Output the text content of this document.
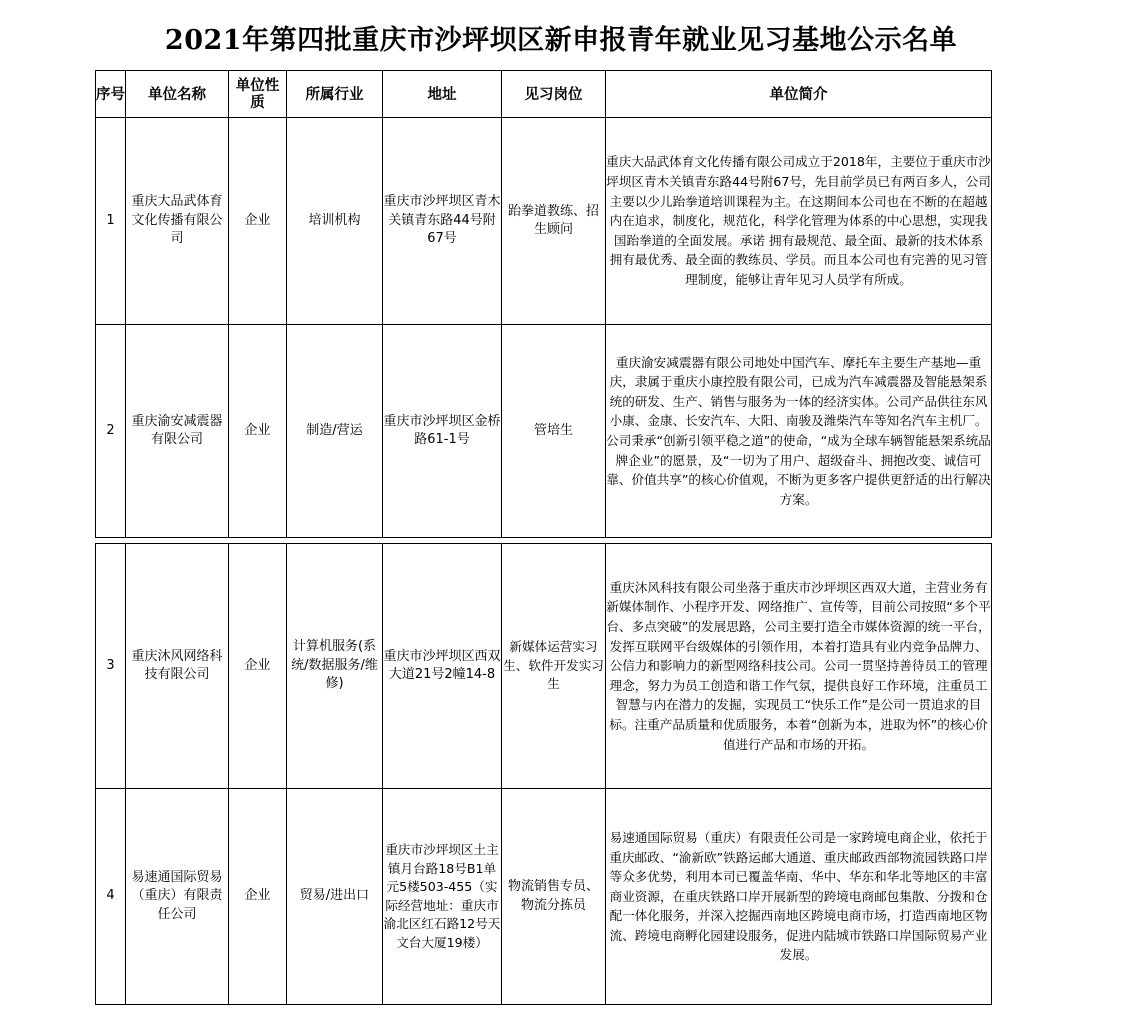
2021年第四批重庆市沙坪坝区新申报青年就业见习基地公示名单
序号	单位名称	单位性质	所属行业	地址	见习岗位	单位简介
1	重庆大品武体育文化传播有限公司	企业	培训机构	重庆市沙坪坝区青木关镇青东路44号附67号	跆拳道教练、招生顾问	重庆大品武体育文化传播有限公司成立于2018年，主要位于重庆市沙坪坝区青木关镇青东路44号附67号，先目前学员已有两百多人，公司主要以少儿跆拳道培训课程为主。在这期间本公司也在不断的在超越内在追求，制度化，规范化，科学化管理为体系的中心思想，实现我国跆拳道的全面发展。承诺 拥有最规范、最全面、最新的技术体系 拥有最优秀、最全面的教练员、学员。而且本公司也有完善的见习管理制度，能够让青年见习人员学有所成。
2	重庆渝安减震器有限公司	企业	制造/营运	重庆市沙坪坝区金桥路61-1号	管培生	重庆渝安减震器有限公司地处中国汽车、摩托车主要生产基地—重庆，隶属于重庆小康控股有限公司，已成为汽车减震器及智能悬架系统的研发、生产、销售与服务为一体的经济实体。公司产品供往东风小康、金康、长安汽车、大阳、南骏及潍柴汽车等知名汽车主机厂。公司秉承“创新引领平稳之道”的使命，“成为全球车辆智能悬架系统品牌企业”的愿景，及“一切为了用户、超级奋斗、拥抱改变、诚信可靠、价值共享”的核心价值观，不断为更多客户提供更舒适的出行解决方案。
3	重庆沐风网络科技有限公司	企业	计算机服务(系统/数据服务/维修)	重庆市沙坪坝区西双大道21号2幢14-8	新媒体运营实习生、软件开发实习生	重庆沐风科技有限公司坐落于重庆市沙坪坝区西双大道，主营业务有新媒体制作、小程序开发、网络推广、宣传等，目前公司按照“多个平台、多点突破”的发展思路，公司主要打造全市媒体资源的统一平台，发挥互联网平台级媒体的引领作用，本着打造具有业内竞争品牌力、公信力和影响力的新型网络科技公司。公司一贯坚持善待员工的管理理念，努力为员工创造和谐工作气氛，提供良好工作环境，注重员工智慧与内在潜力的发掘，实现员工“快乐工作”是公司一贯追求的目标。注重产品质量和优质服务，本着“创新为本，进取为怀”的核心价值进行产品和市场的开拓。
4	易速通国际贸易（重庆）有限责任公司	企业	贸易/进出口	重庆市沙坪坝区土主镇月台路18号B1单元5楼503-455（实际经营地址：重庆市渝北区红石路12号天文台大厦19楼）	物流销售专员、物流分拣员	易速通国际贸易（重庆）有限责任公司是一家跨境电商企业，依托于重庆邮政、“渝新欧”铁路运邮大通道、重庆邮政西部物流园铁路口岸等众多优势，利用本司已覆盖华南、华中、华东和华北等地区的丰富商业资源，在重庆铁路口岸开展新型的跨境电商邮包集散、分拨和仓配一体化服务，并深入挖掘西南地区跨境电商市场，打造西南地区物流、跨境电商孵化园建设服务，促进内陆城市铁路口岸国际贸易产业发展。
